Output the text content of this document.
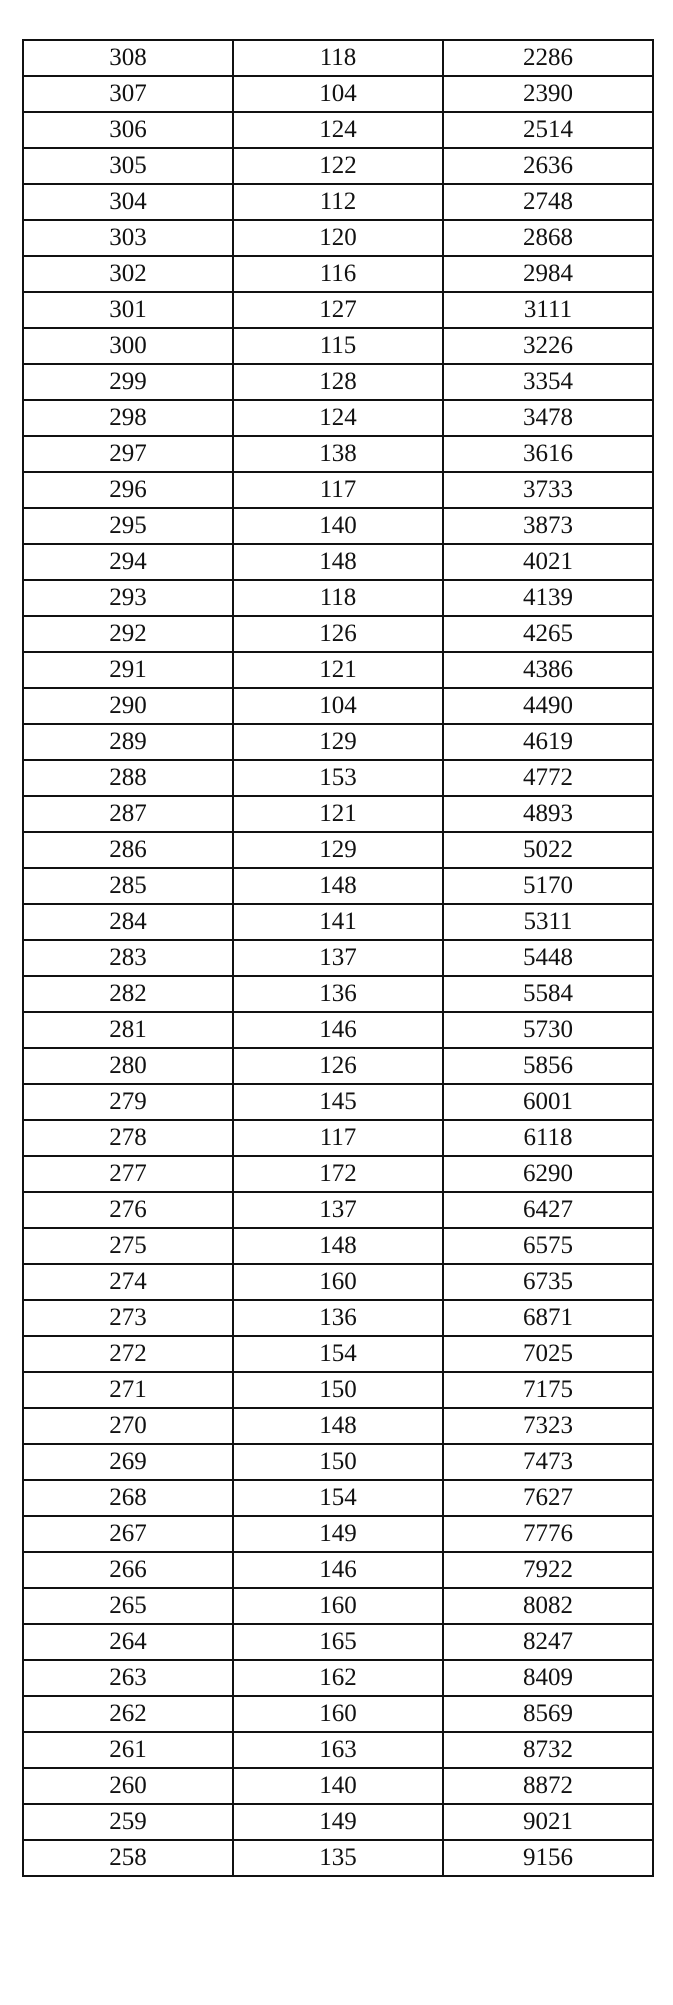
308	118	2286
307	104	2390
306	124	2514
305	122	2636
304	112	2748
303	120	2868
302	116	2984
301	127	3111
300	115	3226
299	128	3354
298	124	3478
297	138	3616
296	117	3733
295	140	3873
294	148	4021
293	118	4139
292	126	4265
291	121	4386
290	104	4490
289	129	4619
288	153	4772
287	121	4893
286	129	5022
285	148	5170
284	141	5311
283	137	5448
282	136	5584
281	146	5730
280	126	5856
279	145	6001
278	117	6118
277	172	6290
276	137	6427
275	148	6575
274	160	6735
273	136	6871
272	154	7025
271	150	7175
270	148	7323
269	150	7473
268	154	7627
267	149	7776
266	146	7922
265	160	8082
264	165	8247
263	162	8409
262	160	8569
261	163	8732
260	140	8872
259	149	9021
258	135	9156
